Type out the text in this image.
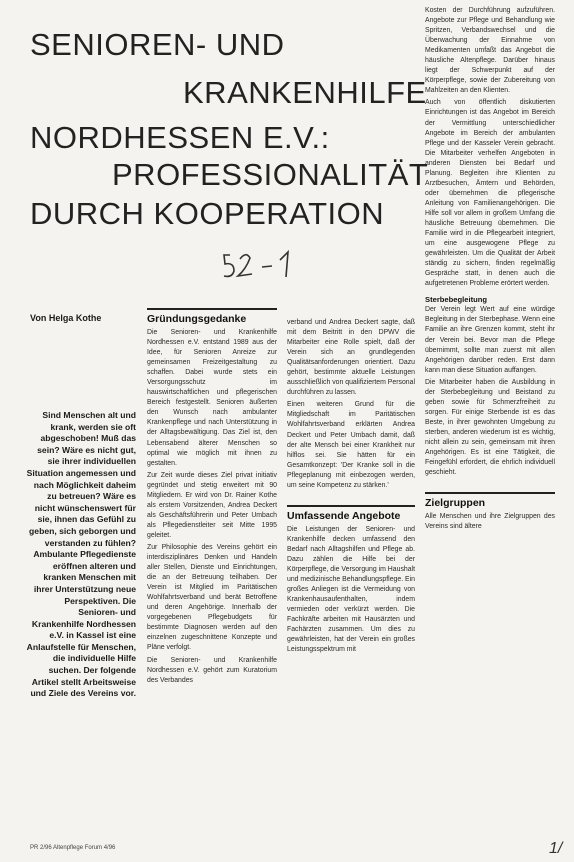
SENIOREN- UND
KRANKENHILFE
NORDHESSEN E.V.:
PROFESSIONALITÄT
DURCH KOOPERATION
Von Helga Kothe
Sind Menschen alt und krank, werden sie oft abgeschoben! Muß das sein? Wäre es nicht gut, sie ihrer individuellen Situation angemessen und nach Möglichkeit daheim zu betreuen? Wäre es nicht wünschenswert für sie, ihnen das Gefühl zu geben, sich geborgen und verstanden zu fühlen? Ambulante Pflegedienste eröffnen alteren und kranken Menschen mit ihrer Unterstützung neue Perspektiven. Die Senioren- und Krankenhilfe Nordhessen e.V. in Kassel ist eine Anlaufstelle für Menschen, die individuelle Hilfe suchen. Der folgende Artikel stellt Arbeitsweise und Ziele des Vereins vor.
Gründungsgedanke

Die Senioren- und Krankenhilfe Nordhessen e.V. entstand 1989 aus der Idee, für Senioren Anreize zur gemeinsamen Freizeitgestaltung zu schaffen. Dabei wurde stets ein Versorgungsschutz im hauswirtschaftlichen und pflegerischen Bereich festgestellt. Senioren äußerten den Wunsch nach ambulanter Krankenpflege und nach Unterstützung in der Alltagsbewältigung. Das Ziel ist, den Lebensabend älterer Menschen so optimal wie möglich mit ihnen zu gestalten.

Zur Zeit wurde dieses Ziel privat initiativ gegründet und stetig erweitert mit 90 Mitgliedern. Er wird von Dr. Rainer Kothe als erstem Vorsitzenden, Andrea Deckert als Geschäftsführerin und Peter Umbach als Pflegedienstleiter seit Mitte 1995 geleitet.

Zur Philosophie des Vereins gehört ein interdisziplinäres Denken und Handeln aller Stellen, Dienste und Einrichtungen, die an der Betreuung teilhaben. Der Verein ist Mitglied im Paritätischen Wohlfahrtsverband und berät Betroffene und deren Angehörige. Innerhalb der vorgegebenen Pflegebudgets für bestimmte Diagnosen werden auf den einzelnen zugeschnittene Konzepte und Pläne verfolgt.

Die Senioren- und Krankenhilfe Nordhessen e.V. gehört zum Kuratorium des Verbandes

verband und Andrea Deckert sagte, daß mit dem Beitritt in den DPWV die Mitarbeiter eine Rolle spielt, daß der Verein sich an grundlegenden Qualitätsanforderungen orientiert. Dazu gehört, bestimmte aktuelle Leistungen ausschließlich von qualifiziertem Personal durchführen zu lassen.

Einen weiteren Grund für die Mitgliedschaft im Paritätischen Wohlfahrtsverband erklärten Andrea Deckert und Peter Umbach damit, daß der alte Mensch bei einer Krankheit nur hilflos sei. Sie hätten für ein Gesamtkonzept: 'Der Kranke soll in die Pflegeplanung mit einbezogen werden, um seine Kompetenz zu stärken.'

Umfassende Angebote

Die Leistungen der Senioren- und Krankenhilfe decken umfassend den Bedarf nach Alltagshilfen und Pflege ab. Dazu zählen die Hilfe bei der Körperpflege, die Versorgung im Haushalt und medizinische Behandlungspflege. Ein großes Anliegen ist die Vermeidung von Krankenhausaufenthalten, indem vermieden oder verkürzt werden. Die Fachkräfte arbeiten mit Hausärzten und Fachärzten zusammen. Um dies zu gewährleisten, hat der Verein ein großes Leistungsspektrum mit

Kosten der Durchführung aufzuführen. Angebote zur Pflege und Behandlung wie Spritzen, Verbandswechsel und die Überwachung der Einnahme von Medikamenten umfaßt das Angebot die häusliche Altenpflege. Darüber hinaus liegt der Schwerpunkt auf der Körperpflege, sowie der Zubereitung von Mahlzeiten an den Klienten.

Auch von öffentlich diskutierten Einrichtungen ist das Angebot im Bereich der Vermittlung unterschiedlicher Angebote im Bereich der ambulanten Pflege und der Kasseler Verein gebracht. Die Mitarbeiter verhelfen Angeboten in anderen Diensten bei Bedarf und Planung. Begleiten ihre Klienten zu Arztbesuchen, Ämtern und Behörden, oder übernehmen die pflegerische Anleitung von Familienangehörigen. Die Hilfe soll vor allem in großem Umfang die häusliche Betreuung übernehmen. Die Familie wird in die Pflegearbeit integriert, um eine ausgewogene Pflege zu gewährleisten. Um die Qualität der Arbeit ständig zu sichern, finden regelmäßig Gespräche statt, in denen auch die aufgetretenen Probleme erörtert werden.

Sterbebegleitung

Der Verein legt Wert auf eine würdige Begleitung in der Sterbephase. Wenn eine Familie an ihre Grenzen kommt, steht ihr der Verein bei. Bevor man die Pflege übernimmt, sollte man zuerst mit allen Angehörigen darüber reden. Erst dann kann man diese Situation auffangen.

Die Mitarbeiter haben die Ausbildung in der Sterbebegleitung und Beistand zu geben sowie für Schmerzfreiheit zu sorgen. Für einige Sterbende ist es das Beste, in ihrer gewohnten Umgebung zu sterben, anderen wiederum ist es wichtig, nicht allein zu sein, gemeinsam mit ihren Angehörigen. Es ist eine Tätigkeit, die Feingefühl erfordert, die ehrlich individuell geschieht.

Zielgruppen

Alle Menschen und ihre Zielgruppen des Vereins sind ältere

PR 2/96 Altenpflege Forum 4/96	1/
